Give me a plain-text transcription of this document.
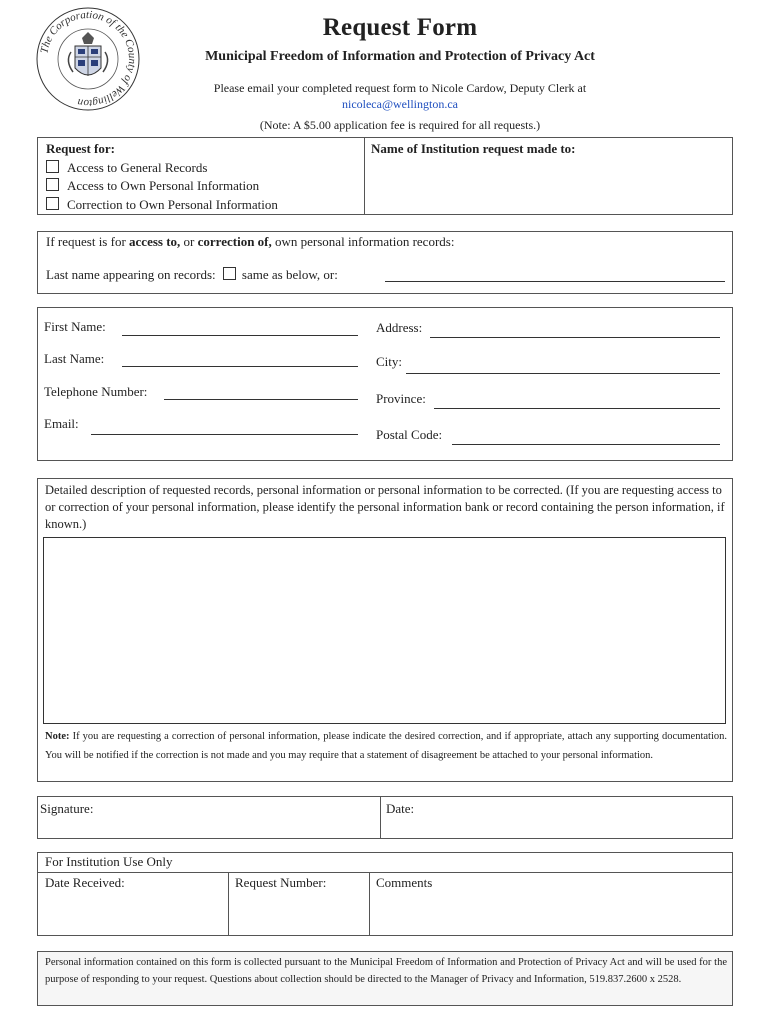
The Corporation of the County of Wellington
Request Form
Municipal Freedom of Information and Protection of Privacy Act
Please email your completed request form to Nicole Cardow, Deputy Clerk at
nicoleca@wellington.ca
(Note: A $5.00 application fee is required for all requests.)
Request for:
Access to General Records
Access to Own Personal Information
Correction to Own Personal Information
Name of Institution request made to:
If request is for access to, or correction of, own personal information records:
Last name appearing on records: same as below, or:
First Name:
Last Name:
Telephone Number:
Email:
Address:
City:
Province:
Postal Code:
Detailed description of requested records, personal information or personal information to be corrected. (If you are requesting access to or correction of your personal information, please identify the personal information bank or record containing the person information, if known.)
Note: If you are requesting a correction of personal information, please indicate the desired correction, and if appropriate, attach any supporting documentation. You will be notified if the correction is not made and you may require that a statement of disagreement be attached to your personal information.
Signature:	Date:
For Institution Use Only
Date Received:	Request Number:	Comments
Personal information contained on this form is collected pursuant to the Municipal Freedom of Information and Protection of Privacy Act and will be used for the purpose of responding to your request. Questions about collection should be directed to the Manager of Privacy and Information, 519.837.2600 x 2528.
